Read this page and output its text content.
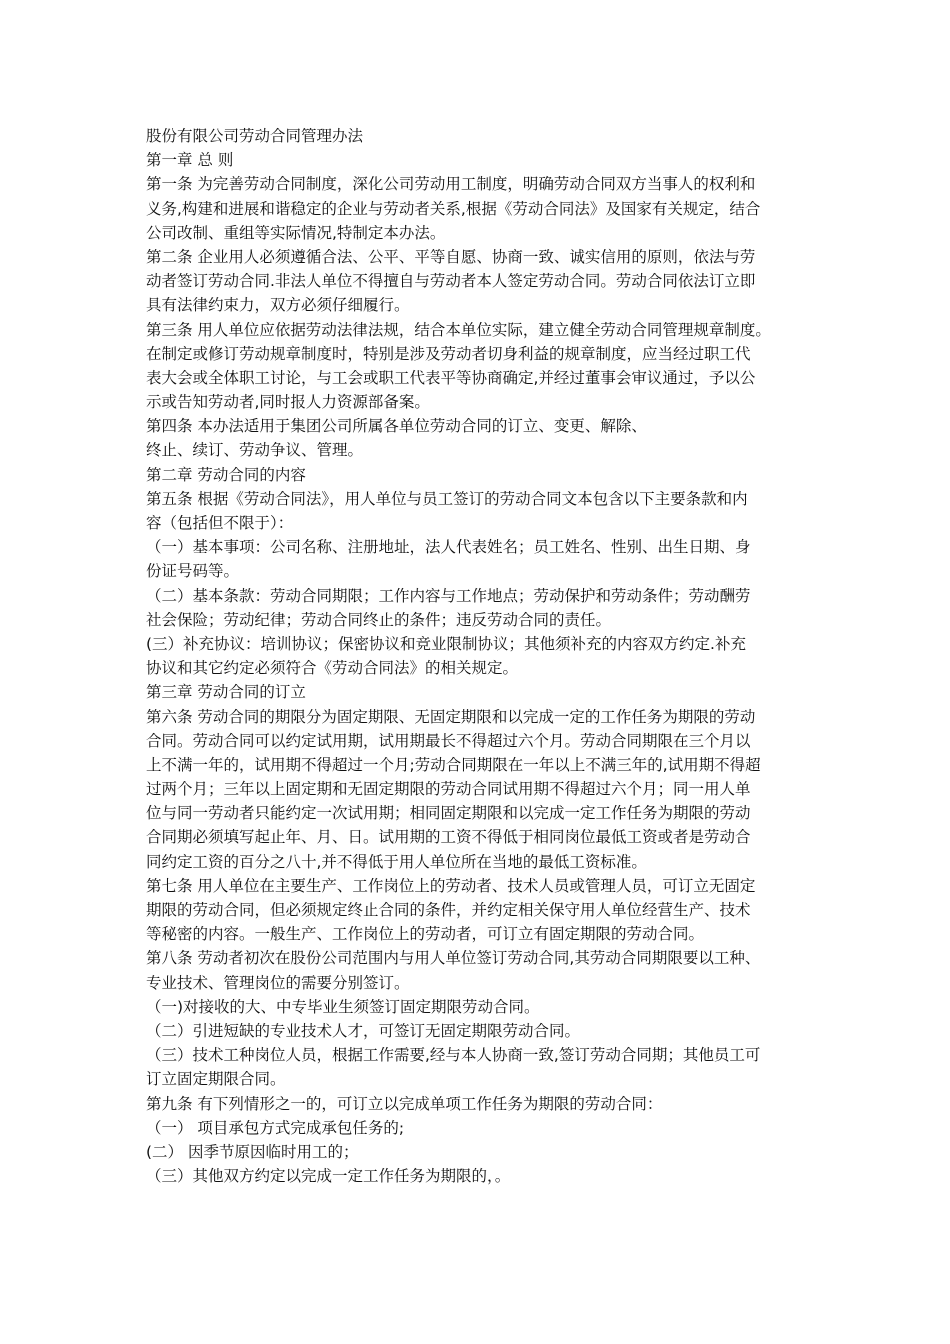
股份有限公司劳动合同管理办法
第一章 总 则
第一条 为完善劳动合同制度，深化公司劳动用工制度，明确劳动合同双方当事人的权利和
义务,构建和进展和谐稳定的企业与劳动者关系,根据《劳动合同法》及国家有关规定，结合
公司改制、重组等实际情况,特制定本办法。
第二条 企业用人必须遵循合法、公平、平等自愿、协商一致、诚实信用的原则，依法与劳
动者签订劳动合同.非法人单位不得擅自与劳动者本人签定劳动合同。劳动合同依法订立即
具有法律约束力，双方必须仔细履行。
第三条 用人单位应依据劳动法律法规，结合本单位实际，建立健全劳动合同管理规章制度。
在制定或修订劳动规章制度时，特别是涉及劳动者切身利益的规章制度，应当经过职工代
表大会或全体职工讨论，与工会或职工代表平等协商确定,并经过董事会审议通过，予以公
示或告知劳动者,同时报人力资源部备案。
第四条 本办法适用于集团公司所属各单位劳动合同的订立、变更、解除、
终止、续订、劳动争议、管理。
第二章 劳动合同的内容
第五条 根据《劳动合同法》，用人单位与员工签订的劳动合同文本包含以下主要条款和内
容（包括但不限于）：
（一）基本事项：公司名称、注册地址，法人代表姓名；员工姓名、性别、出生日期、身
份证号码等。
（二）基本条款：劳动合同期限；工作内容与工作地点；劳动保护和劳动条件；劳动酬劳
社会保险；劳动纪律；劳动合同终止的条件；违反劳动合同的责任。
(三）补充协议：培训协议；保密协议和竞业限制协议；其他须补充的内容双方约定.补充
协议和其它约定必须符合《劳动合同法》的相关规定。
第三章 劳动合同的订立
第六条 劳动合同的期限分为固定期限、无固定期限和以完成一定的工作任务为期限的劳动
合同。劳动合同可以约定试用期，试用期最长不得超过六个月。劳动合同期限在三个月以
上不满一年的，试用期不得超过一个月;劳动合同期限在一年以上不满三年的,试用期不得超
过两个月；三年以上固定期和无固定期限的劳动合同试用期不得超过六个月；同一用人单
位与同一劳动者只能约定一次试用期；相同固定期限和以完成一定工作任务为期限的劳动
合同期必须填写起止年、月、日。试用期的工资不得低于相同岗位最低工资或者是劳动合
同约定工资的百分之八十,并不得低于用人单位所在当地的最低工资标准。
第七条 用人单位在主要生产、工作岗位上的劳动者、技术人员或管理人员，可订立无固定
期限的劳动合同，但必须规定终止合同的条件，并约定相关保守用人单位经营生产、技术
等秘密的内容。一般生产、工作岗位上的劳动者，可订立有固定期限的劳动合同。
第八条 劳动者初次在股份公司范围内与用人单位签订劳动合同,其劳动合同期限要以工种、
专业技术、管理岗位的需要分别签订。
（一)对接收的大、中专毕业生须签订固定期限劳动合同。
（二）引进短缺的专业技术人才，可签订无固定期限劳动合同。
（三）技术工种岗位人员，根据工作需要,经与本人协商一致,签订劳动合同期；其他员工可
订立固定期限合同。
第九条 有下列情形之一的，可订立以完成单项工作任务为期限的劳动合同：
（一） 项目承包方式完成承包任务的;
(二） 因季节原因临时用工的；
（三）其他双方约定以完成一定工作任务为期限的，。
